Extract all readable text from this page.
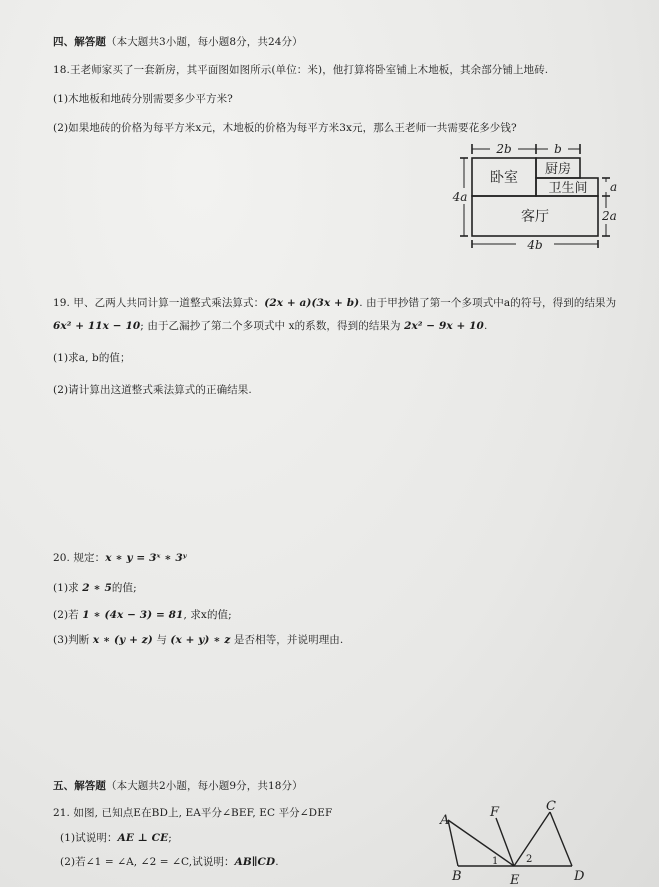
四、解答题（本大题共3小题，每小题8分，共24分）
18.王老师家买了一套新房，其平面图如图所示(单位：米)，他打算将卧室铺上木地板，其余部分铺上地砖.
(1)木地板和地砖分别需要多少平方米?
(2)如果地砖的价格为每平方米x元，木地板的价格为每平方米3x元，那么王老师一共需要花多少钱?
2b	b
4a
a
2a
4b
卧室
厨房
卫生间
客厅
19. 甲、乙两人共同计算一道整式乘法算式：(2x + a)(3x + b). 由于甲抄错了第一个多项式中a的符号，得到的结果为
6x² + 11x − 10; 由于乙漏抄了第二个多项式中 x的系数，得到的结果为 2x² − 9x + 10.
(1)求a, b的值；
(2)请计算出这道整式乘法算式的正确结果.
20. 规定：x ∗ y = 3ˣ ∗ 3ʸ
(1)求 2 ∗ 5的值;
(2)若 1 ∗ (4x − 3) = 81, 求x的值;
(3)判断 x ∗ (y + z) 与 (x + y) ∗ z 是否相等，并说明理由.
五、解答题（本大题共2小题，每小题9分，共18分）
21. 如图, 已知点E在BD上, EA平分∠BEF, EC 平分∠DEF
(1)试说明：AE ⊥ CE;
(2)若∠1 = ∠A, ∠2 = ∠C,试说明：AB∥CD.
A
B
C
D
E
F
1	2
